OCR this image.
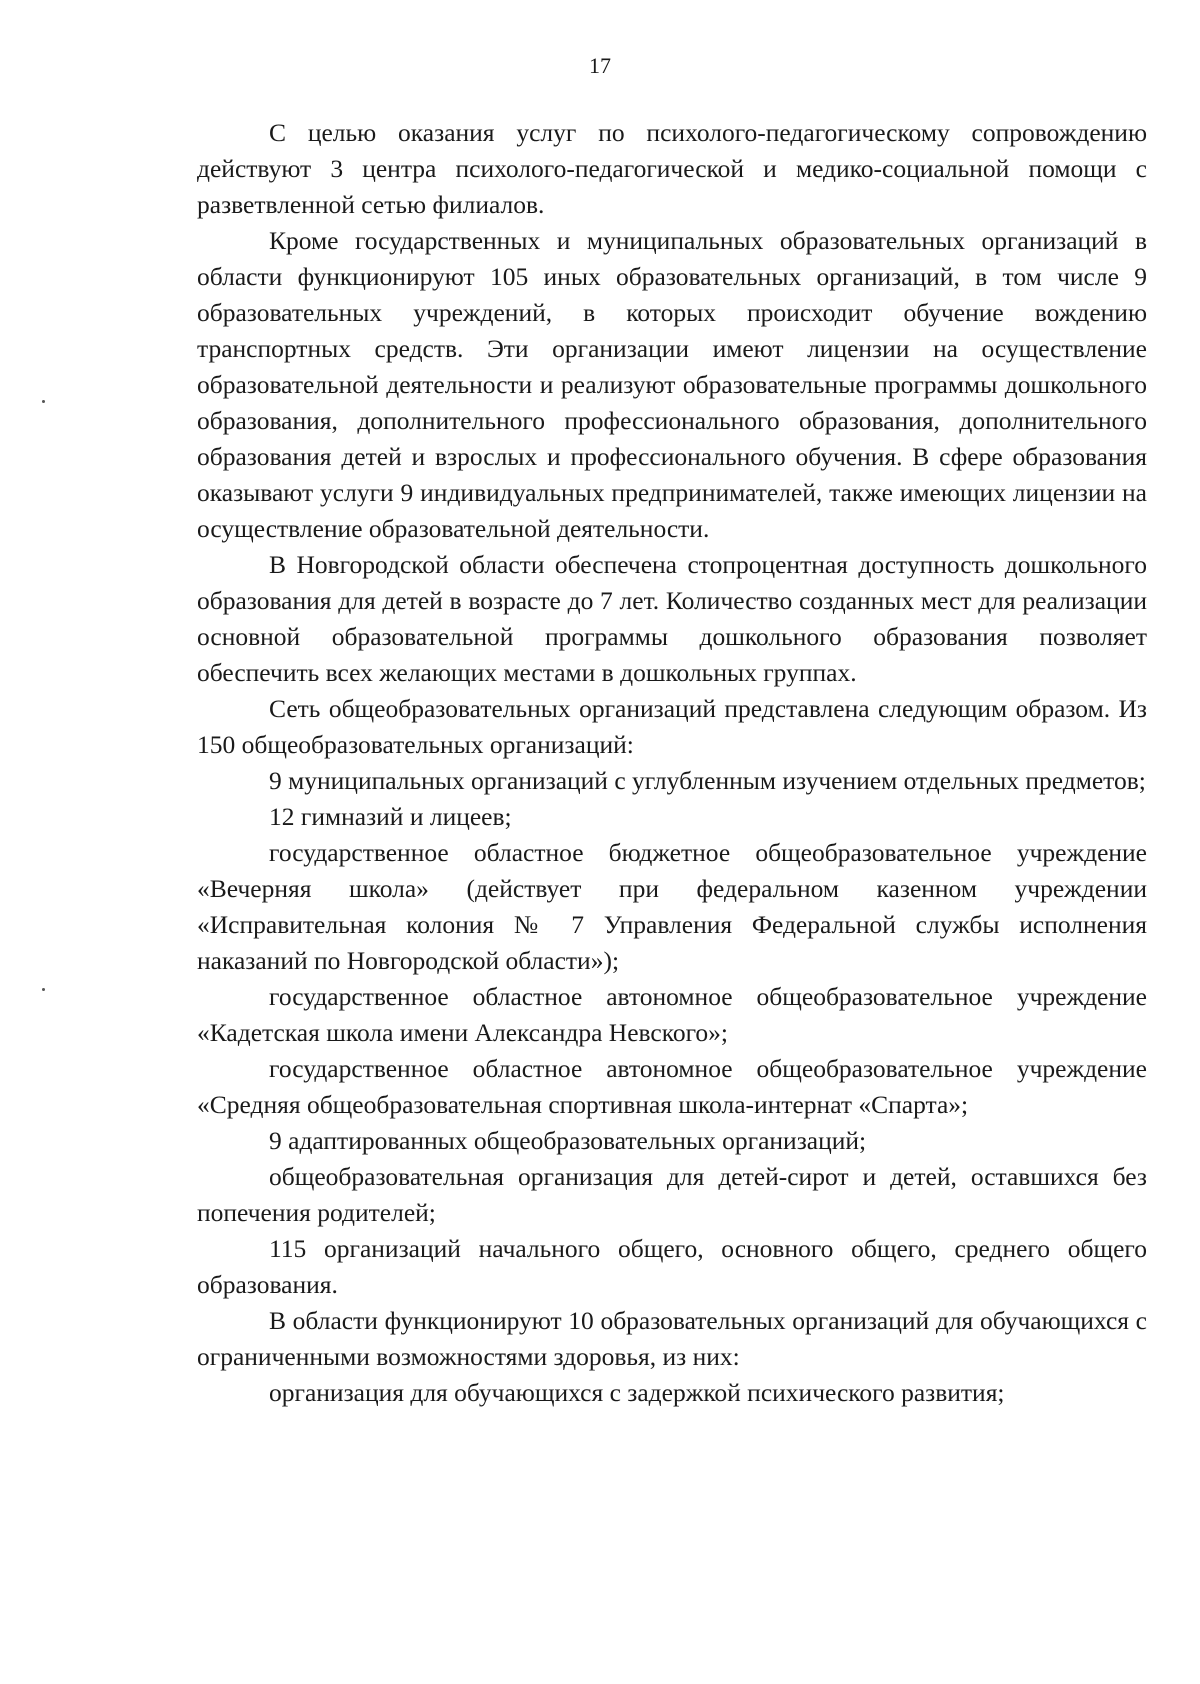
17

С целью оказания услуг по психолого-педагогическому сопровождению действуют 3 центра психолого-педагогической и медико-социальной помощи с разветвленной сетью филиалов.

Кроме государственных и муниципальных образовательных организаций в области функционируют 105 иных образовательных организаций, в том числе 9 образовательных учреждений, в которых происходит обучение вождению транспортных средств. Эти организации имеют лицензии на осуществление образовательной деятельности и реализуют образовательные программы дошкольного образования, дополнительного профессионального образования, дополнительного образования детей и взрослых и профессионального обучения. В сфере образования оказывают услуги 9 индивидуальных предпринимателей, также имеющих лицензии на осуществление образовательной деятельности.

В Новгородской области обеспечена стопроцентная доступность дошкольного образования для детей в возрасте до 7 лет. Количество созданных мест для реализации основной образовательной программы дошкольного образования позволяет обеспечить всех желающих местами в дошкольных группах.

Сеть общеобразовательных организаций представлена следующим образом. Из 150 общеобразовательных организаций:

9 муниципальных организаций с углубленным изучением отдельных предметов;

12 гимназий и лицеев;

государственное областное бюджетное общеобразовательное учреждение «Вечерняя школа» (действует при федеральном казенном учреждении «Исправительная колония № 7 Управления Федеральной службы исполнения наказаний по Новгородской области»);

государственное областное автономное общеобразовательное учреждение «Кадетская школа имени Александра Невского»;

государственное областное автономное общеобразовательное учреждение «Средняя общеобразовательная спортивная школа-интернат «Спарта»;

9 адаптированных общеобразовательных организаций;

общеобразовательная организация для детей-сирот и детей, оставшихся без попечения родителей;

115 организаций начального общего, основного общего, среднего общего образования.

В области функционируют 10 образовательных организаций для обучающихся с ограниченными возможностями здоровья, из них:

организация для обучающихся с задержкой психического развития;
